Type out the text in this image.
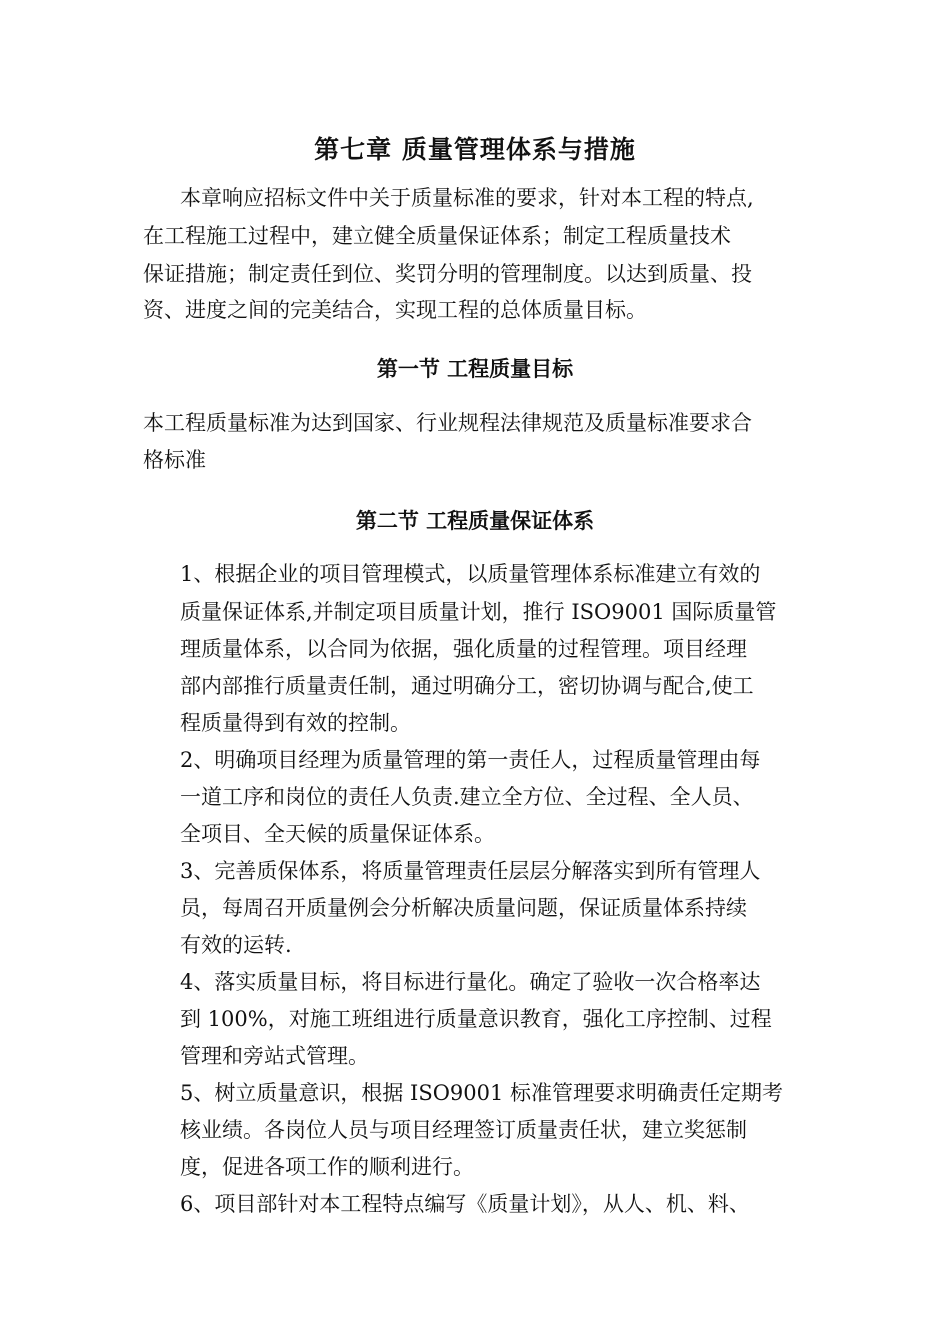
第七章 质量管理体系与措施
本章响应招标文件中关于质量标准的要求，针对本工程的特点,
在工程施工过程中，建立健全质量保证体系；制定工程质量技术
保证措施；制定责任到位、奖罚分明的管理制度。以达到质量、投
资、进度之间的完美结合，实现工程的总体质量目标。
第一节 工程质量目标
本工程质量标准为达到国家、行业规程法律规范及质量标准要求合
格标准
第二节 工程质量保证体系
1、根据企业的项目管理模式，以质量管理体系标准建立有效的
质量保证体系,并制定项目质量计划，推行 ISO9001 国际质量管
理质量体系，以合同为依据，强化质量的过程管理。项目经理
部内部推行质量责任制，通过明确分工，密切协调与配合,使工
程质量得到有效的控制。
2、明确项目经理为质量管理的第一责任人，过程质量管理由每
一道工序和岗位的责任人负责.建立全方位、全过程、全人员、
全项目、全天候的质量保证体系。
3、完善质保体系，将质量管理责任层层分解落实到所有管理人
员，每周召开质量例会分析解决质量问题，保证质量体系持续
有效的运转.
4、落实质量目标，将目标进行量化。确定了验收一次合格率达
到 100%，对施工班组进行质量意识教育，强化工序控制、过程
管理和旁站式管理。
5、树立质量意识，根据 ISO9001 标准管理要求明确责任定期考
核业绩。各岗位人员与项目经理签订质量责任状，建立奖惩制
度，促进各项工作的顺利进行。
6、项目部针对本工程特点编写《质量计划》，从人、机、料、
